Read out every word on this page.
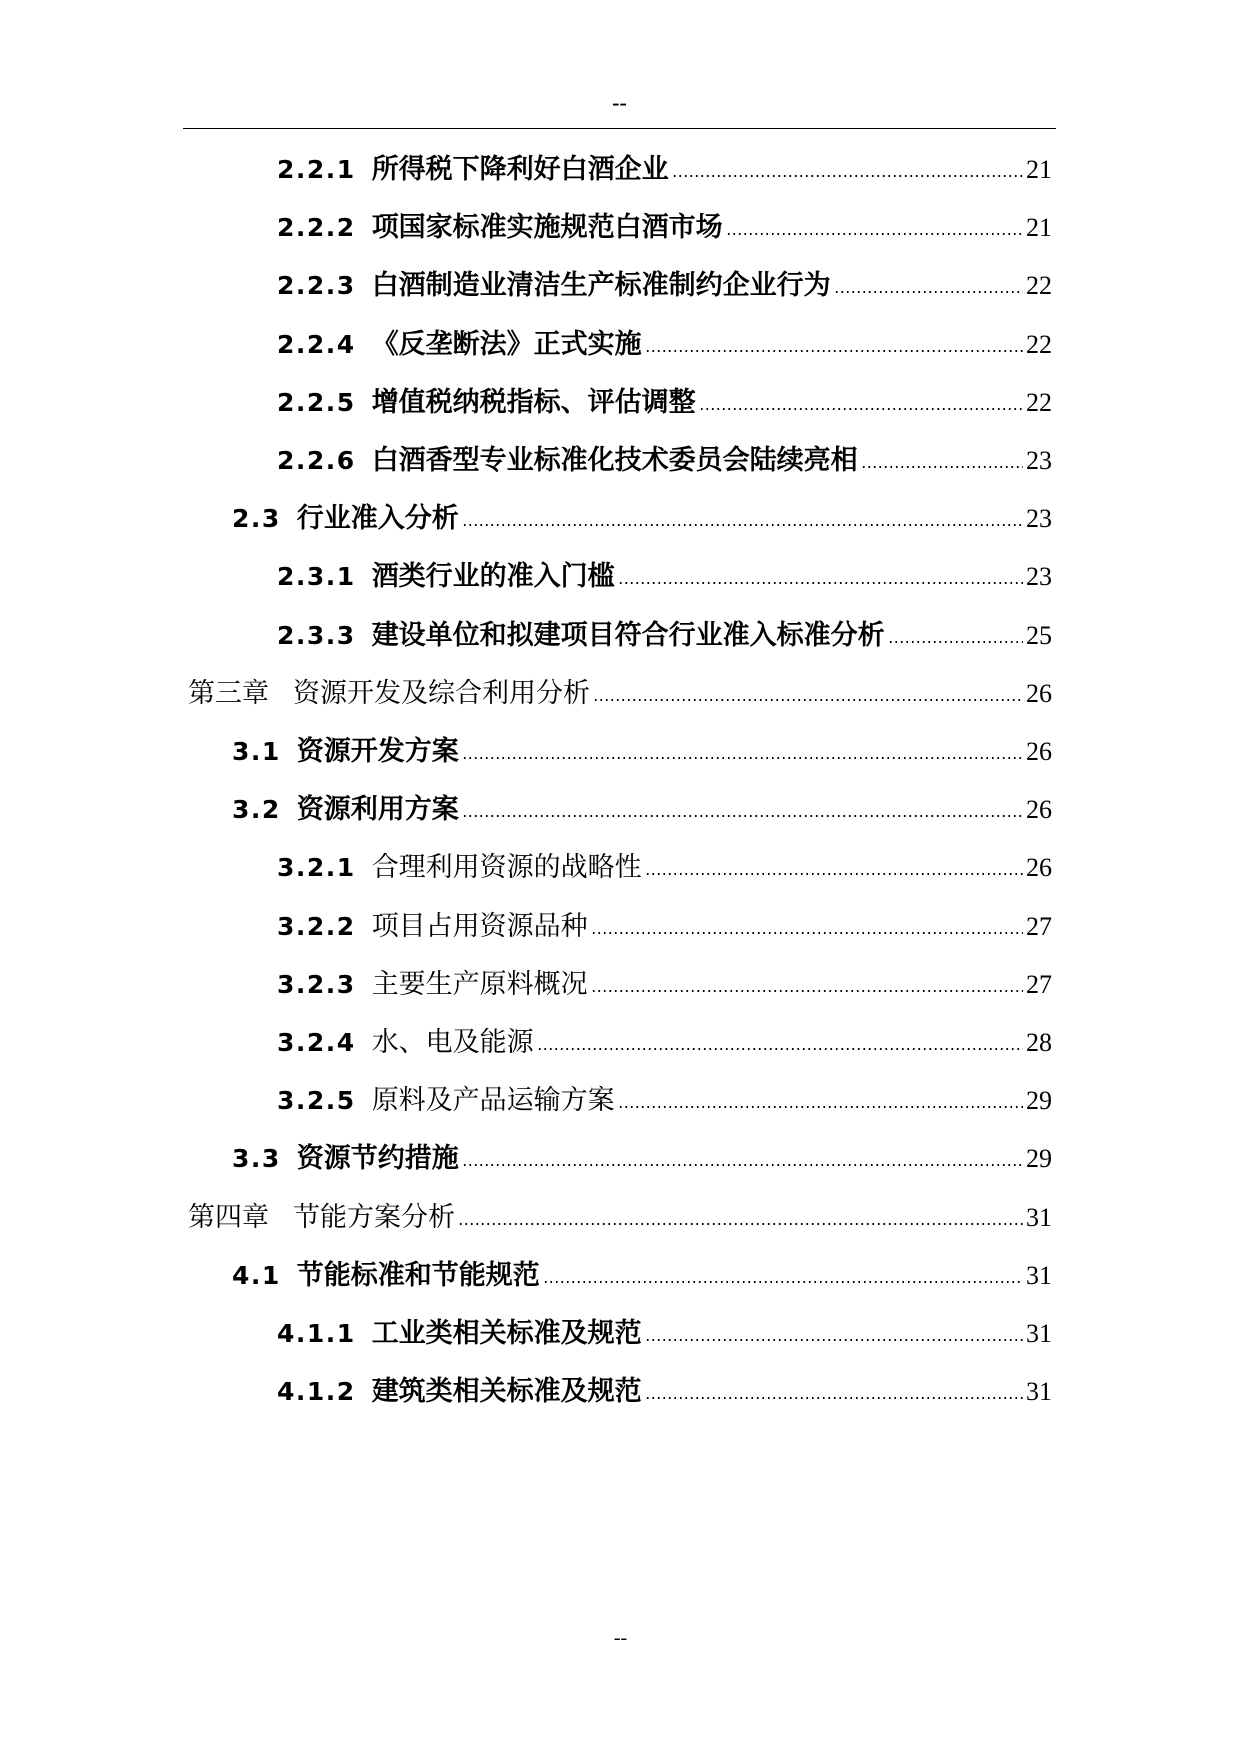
--
2.2.1 所得税下降利好白酒企业	21
2.2.2 项国家标准实施规范白酒市场	21
2.2.3 白酒制造业清洁生产标准制约企业行为	22
2.2.4 《反垄断法》正式实施	22
2.2.5 增值税纳税指标、评估调整	22
2.2.6 白酒香型专业标准化技术委员会陆续亮相	23
2.3 行业准入分析	23
2.3.1 酒类行业的准入门槛	23
2.3.3 建设单位和拟建项目符合行业准入标准分析	25
第三章 资源开发及综合利用分析	26
3.1 资源开发方案	26
3.2 资源利用方案	26
3.2.1 合理利用资源的战略性	26
3.2.2 项目占用资源品种	27
3.2.3 主要生产原料概况	27
3.2.4 水、电及能源	28
3.2.5 原料及产品运输方案	29
3.3 资源节约措施	29
第四章 节能方案分析	31
4.1 节能标准和节能规范	31
4.1.1 工业类相关标准及规范	31
4.1.2 建筑类相关标准及规范	31
--
